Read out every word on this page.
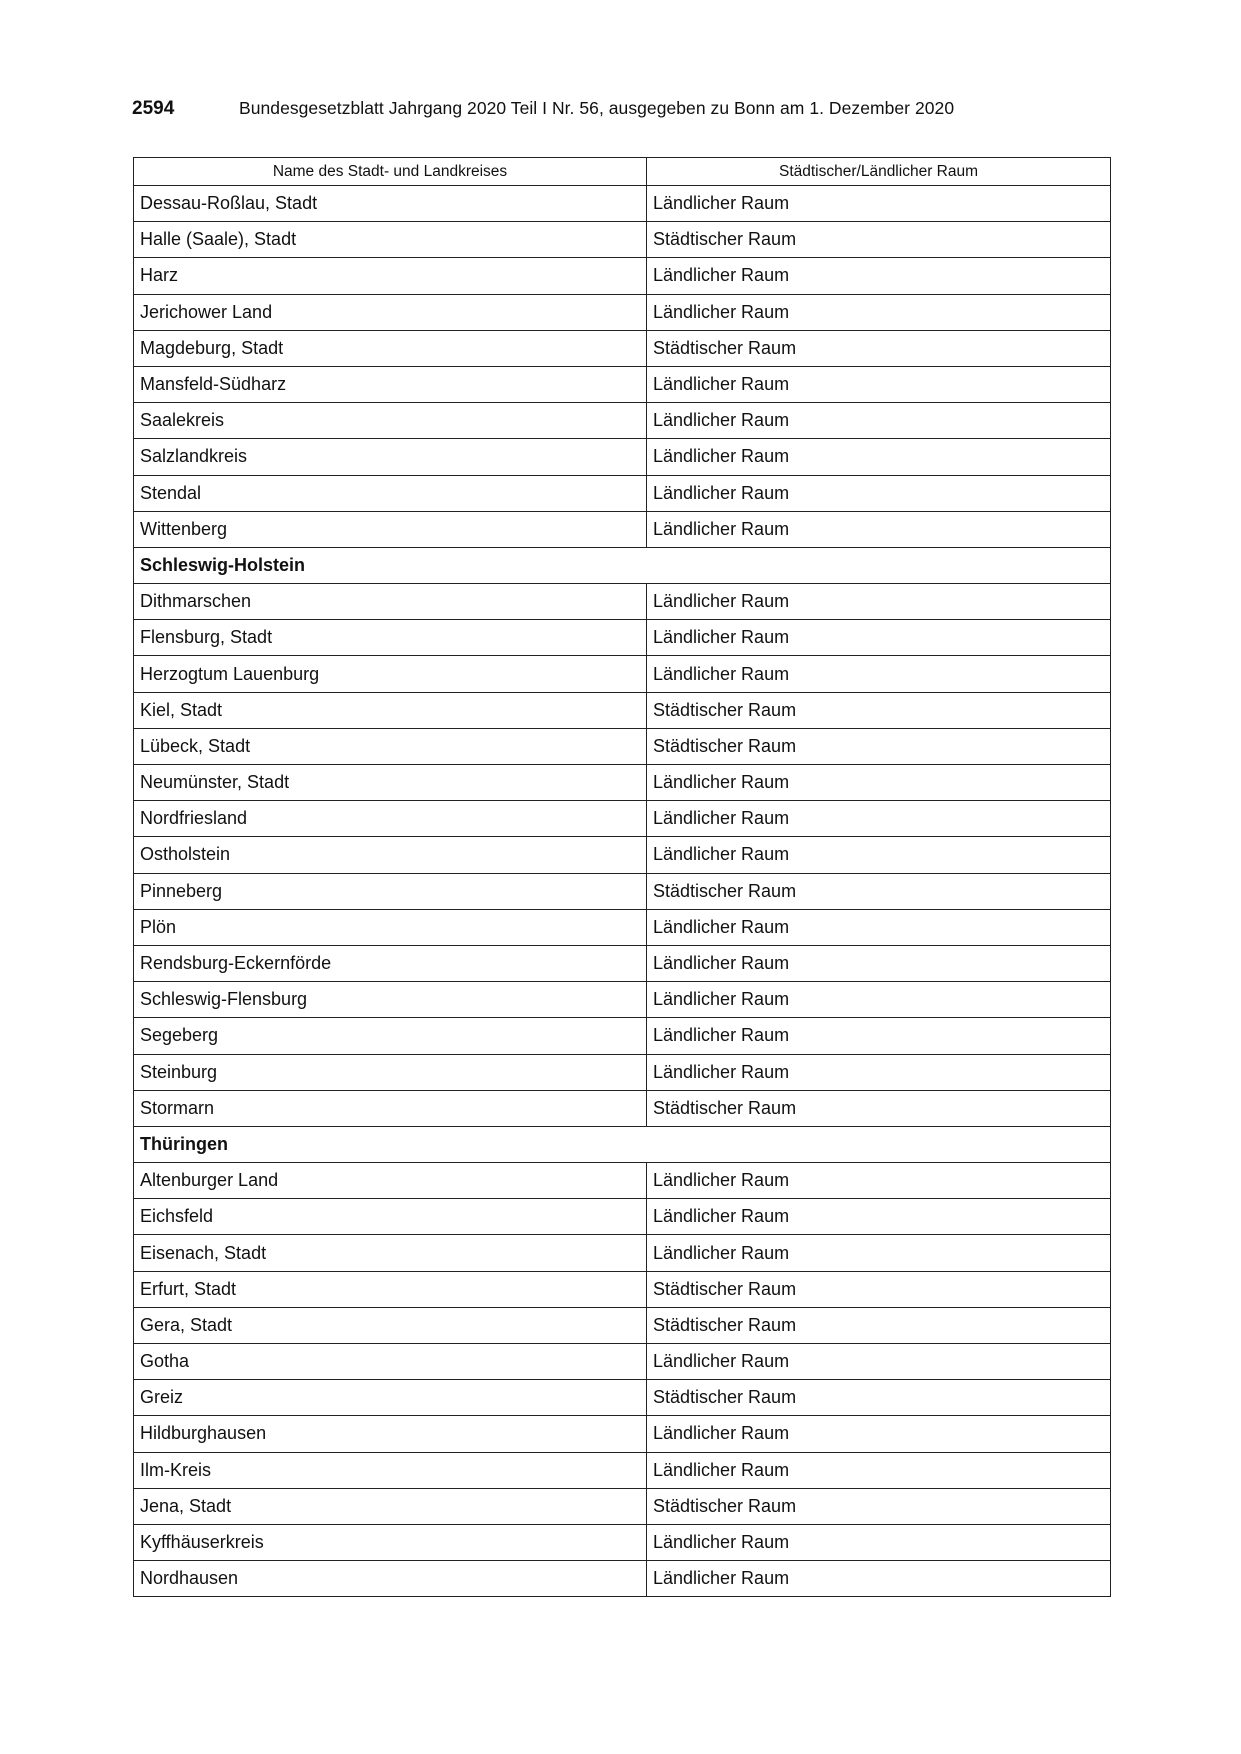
2594	Bundesgesetzblatt Jahrgang 2020 Teil I Nr. 56, ausgegeben zu Bonn am 1. Dezember 2020
Name des Stadt- und Landkreises	Städtischer/Ländlicher Raum
Dessau-Roßlau, Stadt	Ländlicher Raum
Halle (Saale), Stadt	Städtischer Raum
Harz	Ländlicher Raum
Jerichower Land	Ländlicher Raum
Magdeburg, Stadt	Städtischer Raum
Mansfeld-Südharz	Ländlicher Raum
Saalekreis	Ländlicher Raum
Salzlandkreis	Ländlicher Raum
Stendal	Ländlicher Raum
Wittenberg	Ländlicher Raum
Schleswig-Holstein	
Dithmarschen	Ländlicher Raum
Flensburg, Stadt	Ländlicher Raum
Herzogtum Lauenburg	Ländlicher Raum
Kiel, Stadt	Städtischer Raum
Lübeck, Stadt	Städtischer Raum
Neumünster, Stadt	Ländlicher Raum
Nordfriesland	Ländlicher Raum
Ostholstein	Ländlicher Raum
Pinneberg	Städtischer Raum
Plön	Ländlicher Raum
Rendsburg-Eckernförde	Ländlicher Raum
Schleswig-Flensburg	Ländlicher Raum
Segeberg	Ländlicher Raum
Steinburg	Ländlicher Raum
Stormarn	Städtischer Raum
Thüringen	
Altenburger Land	Ländlicher Raum
Eichsfeld	Ländlicher Raum
Eisenach, Stadt	Ländlicher Raum
Erfurt, Stadt	Städtischer Raum
Gera, Stadt	Städtischer Raum
Gotha	Ländlicher Raum
Greiz	Städtischer Raum
Hildburghausen	Ländlicher Raum
Ilm-Kreis	Ländlicher Raum
Jena, Stadt	Städtischer Raum
Kyffhäuserkreis	Ländlicher Raum
Nordhausen	Ländlicher Raum
